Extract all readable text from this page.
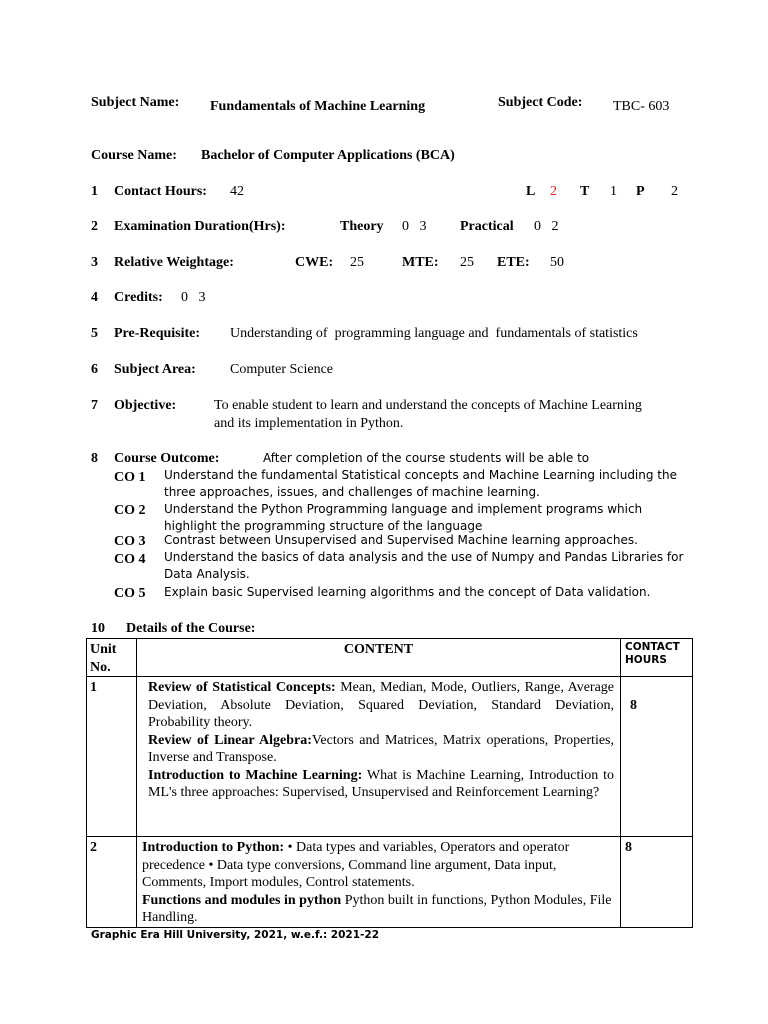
Subject Name: Fundamentals of Machine Learning	Subject Code: TBC- 603
Course Name: Bachelor of Computer Applications (BCA)
1 Contact Hours: 42	L 2 T 1 P 2
2 Examination Duration(Hrs):	Theory 0   3 Practical 0   2
3 Relative Weightage:	CWE: 25	MTE: 25 ETE: 50
4 Credits: 0   3
5 Pre-Requisite: Understanding of  programming language and  fundamentals of statistics
6 Subject Area: Computer Science
7 Objective:	To enable student to learn and understand the concepts of Machine Learning
and its implementation in Python.
8 Course Outcome:	After completion of the course students will be able to
CO 1 Understand the fundamental Statistical concepts and Machine Learning including the three approaches, issues, and challenges of machine learning.
CO 2 Understand the Python Programming language and implement programs which highlight the programming structure of the language
CO 3 Contrast between Unsupervised and Supervised Machine learning approaches.
CO 4 Understand the basics of data analysis and the use of Numpy and Pandas Libraries for Data Analysis.
CO 5 Explain basic Supervised learning algorithms and the concept of Data validation.
10 Details of the Course:
Unit No.	CONTENT	CONTACT HOURS
1	Review of Statistical Concepts: Mean, Median, Mode, Outliers, Range, Average Deviation, Absolute Deviation, Squared Deviation, Standard Deviation, Probability theory.

Review of Linear Algebra:Vectors and Matrices, Matrix operations, Properties, Inverse and Transpose.

Introduction to Machine Learning: What is Machine Learning, Introduction to ML's three approaches: Supervised, Unsupervised and Reinforcement Learning?	8
2	Introduction to Python: • Data types and variables, Operators and operator precedence • Data type conversions, Command line argument, Data input, Comments, Import modules, Control statements.

Functions and modules in python Python built in functions, Python Modules, File Handling.	8
Graphic Era Hill University, 2021, w.e.f.: 2021-22
